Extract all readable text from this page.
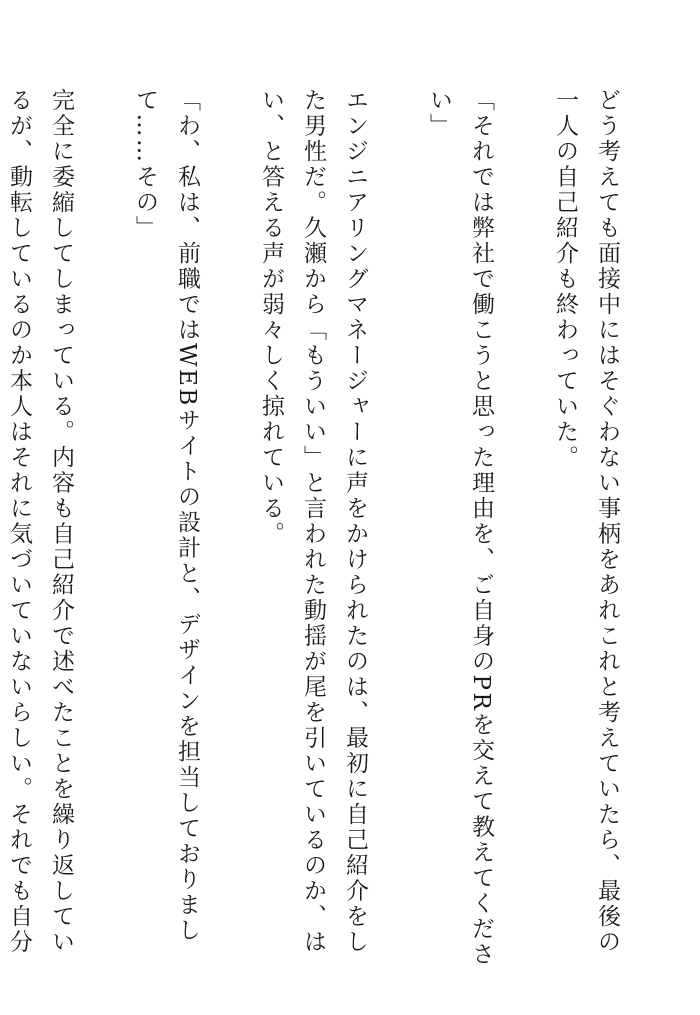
どう考えても面接中にはそぐわない事柄をあれこれと考えていたら、最後の一人の自己紹介も終わっていた。

「それでは弊社で働こうと思った理由を、ご自身のPRを交えて教えてください」

エンジニアリングマネージャーに声をかけられたのは、最初に自己紹介をした男性だ。久瀬から「もういい」と言われた動揺が尾を引いているのか、はい、と答える声が弱々しく掠れている。

「わ、私は、前職ではWEBサイトの設計と、デザインを担当しておりまして……その」

完全に委縮してしまっている。内容も自己紹介で述べたことを繰り返しているが、動転しているのか本人はそれに気づいていないらしい。それでも自分
